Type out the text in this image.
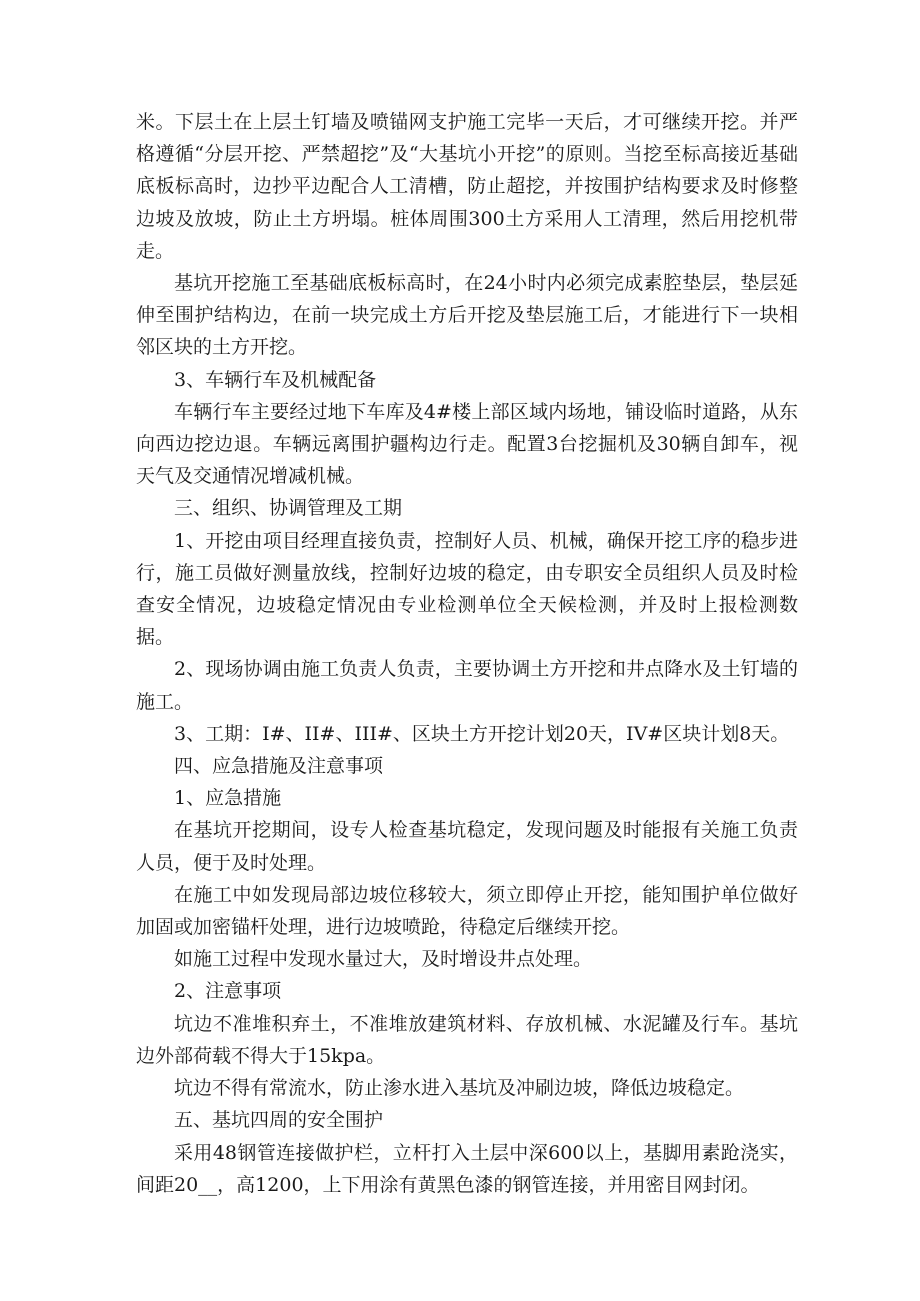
米。下层土在上层土钉墙及喷锚网支护施工完毕一天后，才可继续开挖。并严格遵循“分层开挖、严禁超挖”及“大基坑小开挖”的原则。当挖至标高接近基础底板标高时，边抄平边配合人工清槽，防止超挖，并按围护结构要求及时修整边坡及放坡，防止土方坍塌。桩体周围300土方采用人工清理，然后用挖机带走。

基坑开挖施工至基础底板标高时，在24小时内必须完成素腔垫层，垫层延伸至围护结构边，在前一块完成土方后开挖及垫层施工后，才能进行下一块相邻区块的土方开挖。

3、车辆行车及机械配备

车辆行车主要经过地下车库及4#楼上部区域内场地，铺设临时道路，从东向西边挖边退。车辆远离围护疆构边行走。配置3台挖掘机及30辆自卸车，视天气及交通情况增减机械。

三、组织、协调管理及工期

1、开挖由项目经理直接负责，控制好人员、机械，确保开挖工序的稳步进行，施工员做好测量放线，控制好边坡的稳定，由专职安全员组织人员及时检查安全情况，边坡稳定情况由专业检测单位全天候检测，并及时上报检测数据。

2、现场协调由施工负责人负责，主要协调土方开挖和井点降水及土钉墙的施工。

3、工期：I#、II#、III#、区块土方开挖计划20天，IV#区块计划8天。

四、应急措施及注意事项

1、应急措施

在基坑开挖期间，设专人检查基坑稳定，发现问题及时能报有关施工负责人员，便于及时处理。

在施工中如发现局部边坡位移较大，须立即停止开挖，能知围护单位做好加固或加密锚杆处理，进行边坡喷跄，待稳定后继续开挖。

如施工过程中发现水量过大，及时增设井点处理。

2、注意事项

坑边不准堆积弃土，不准堆放建筑材料、存放机械、水泥罐及行车。基坑边外部荷载不得大于15kpa。

坑边不得有常流水，防止渗水进入基坑及冲刷边坡，降低边坡稳定。

五、基坑四周的安全围护

采用48钢管连接做护栏，立杆打入土层中深600以上，基脚用素跄浇实，间距20__，高1200，上下用涂有黄黑色漆的钢管连接，并用密目网封闭。
